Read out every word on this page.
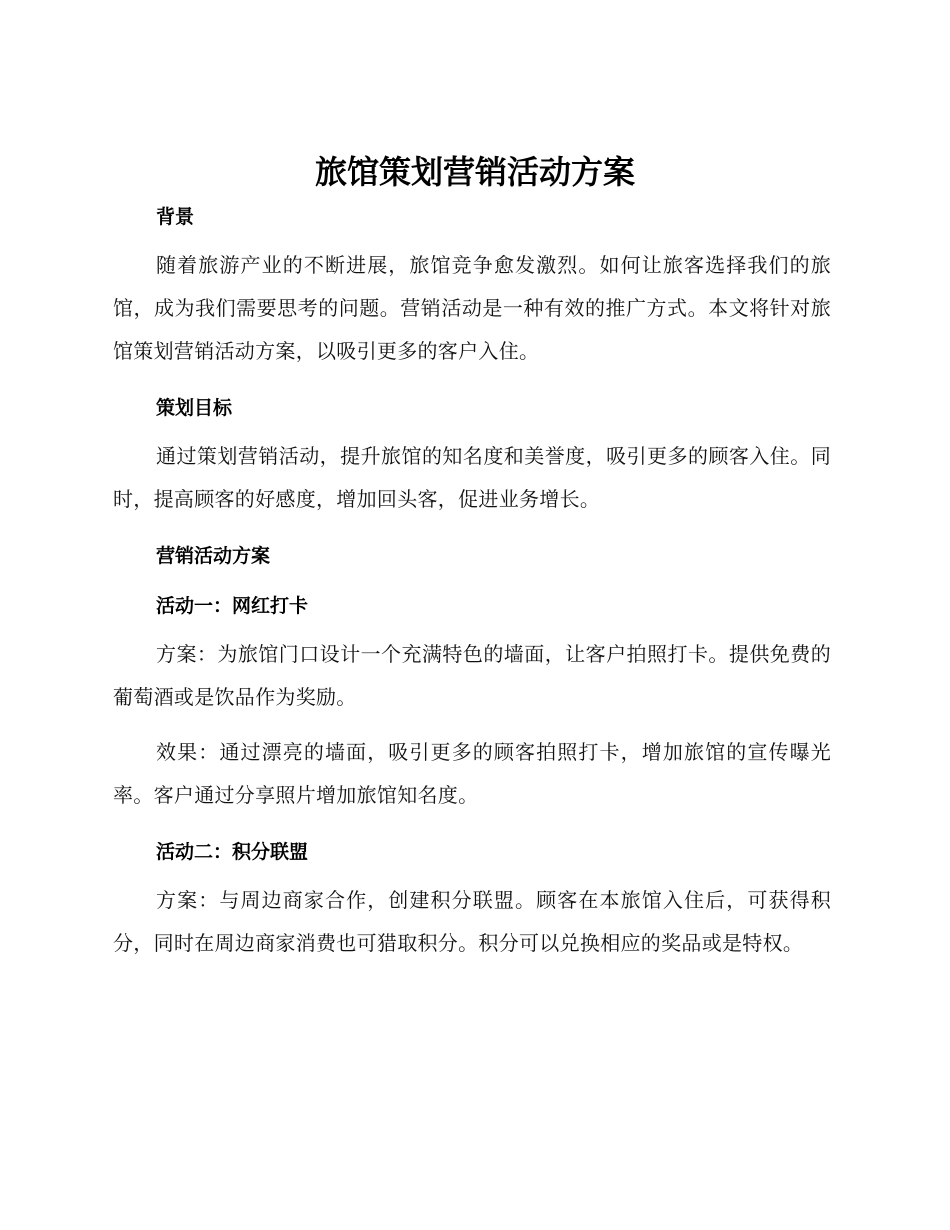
旅馆策划营销活动方案

背景

随着旅游产业的不断进展，旅馆竞争愈发激烈。如何让旅客选择我们的旅馆，成为我们需要思考的问题。营销活动是一种有效的推广方式。本文将针对旅馆策划营销活动方案，以吸引更多的客户入住。

策划目标

通过策划营销活动，提升旅馆的知名度和美誉度，吸引更多的顾客入住。同时，提高顾客的好感度，增加回头客，促进业务增长。

营销活动方案

活动一：网红打卡

方案：为旅馆门口设计一个充满特色的墙面，让客户拍照打卡。提供免费的葡萄酒或是饮品作为奖励。

效果：通过漂亮的墙面，吸引更多的顾客拍照打卡，增加旅馆的宣传曝光率。客户通过分享照片增加旅馆知名度。

活动二：积分联盟

方案：与周边商家合作，创建积分联盟。顾客在本旅馆入住后，可获得积分，同时在周边商家消费也可猎取积分。积分可以兑换相应的奖品或是特权。
